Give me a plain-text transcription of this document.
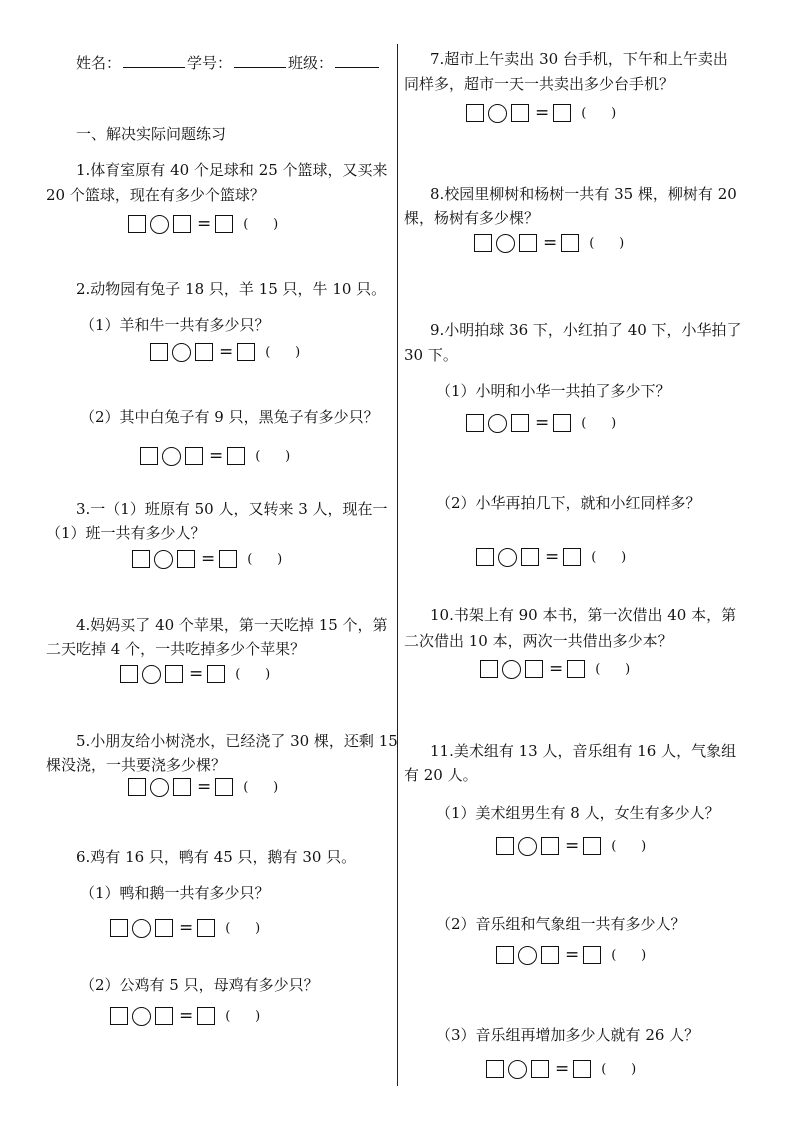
姓名：	学号：	班级：
一、解决实际问题练习
1.体育室原有 40 个足球和 25 个篮球，又买来
20 个篮球，现在有多少个篮球？
= (      )
2.动物园有兔子 18 只，羊 15 只，牛 10 只。
（1）羊和牛一共有多少只？
= (      )
（2）其中白兔子有 9 只，黑兔子有多少只？
= (      )
3.一（1）班原有 50 人，又转来 3 人，现在一
（1）班一共有多少人？
= (      )
4.妈妈买了 40 个苹果，第一天吃掉 15 个，第
二天吃掉 4 个，一共吃掉多少个苹果？
= (      )
5.小朋友给小树浇水，已经浇了 30 棵，还剩 15
棵没浇，一共要浇多少棵？
= (      )
6.鸡有 16 只，鸭有 45 只，鹅有 30 只。
（1）鸭和鹅一共有多少只？
= (      )
（2）公鸡有 5 只，母鸡有多少只？
= (      )
7.超市上午卖出 30 台手机，下午和上午卖出
同样多，超市一天一共卖出多少台手机？
= (      )
8.校园里柳树和杨树一共有 35 棵，柳树有 20
棵，杨树有多少棵？
= (      )
9.小明拍球 36 下，小红拍了 40 下，小华拍了
30 下。
（1）小明和小华一共拍了多少下？
= (      )
（2）小华再拍几下，就和小红同样多？
= (      )
10.书架上有 90 本书，第一次借出 40 本，第
二次借出 10 本，两次一共借出多少本？
= (      )
11.美术组有 13 人，音乐组有 16 人，气象组
有 20 人。
（1）美术组男生有 8 人，女生有多少人？
= (      )
（2）音乐组和气象组一共有多少人？
= (      )
（3）音乐组再增加多少人就有 26 人？
= (      )
